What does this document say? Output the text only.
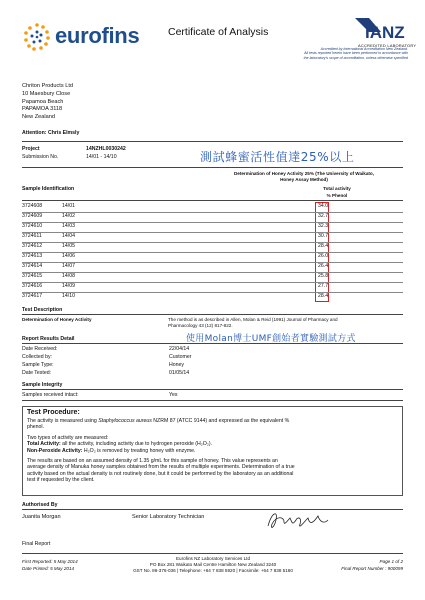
eurofins	Certificate of Analysis	IANZ
ACCREDITED LABORATORY
Accredited by International Accreditation New Zealand.
All tests reported herein have been performed in accordance with
the laboratory's scope of accreditation, unless otherwise specified
Chriton Products Ltd
10 Maesbury Close
Papamoa Beach
PAPAMOA 3118
New Zealand
Attention: Chris Elmsly
Project	14NZHL0030242
Submission No.	14/01 - 14/10	測試蜂蜜活性值達25%以上
Determination of Honey Activity 25% (The University of Waikato, Honey Assay Method)
Sample Identification	Total activity
% Phenol
3724608	14/01	34.0
3724609	14/02	32.7
3724610	14/03	32.3
3724611	14/04	30.7
3724612	14/05	28.4
3724613	14/06	26.0
3724614	14/07	26.4
3724615	14/08	25.8
3724616	14/09	27.7
3724617	14/10	28.4
Test Description
Determination of Honey Activity	The method is as described in Allen, Molan & Reid (1991) Journal of Pharmacy and
Pharmacology 43 (12) 817-822.
使用Molan博士UMF創始者實驗測試方式
Report Results Detail
Date Received:	22/04/14
Collected by:	Customer
Sample Type:	Honey
Date Tested:	01/05/14
Sample Integrity
Samples received intact:	Yes
Test Procedure:
The activity is measured using Staphylococcus aureus NZRM 87 (ATCC 9144) and expressed as the equivalent %
phenol.
Two types of activity are measured:
Total Activity: all the activity, including activity due to hydrogen peroxide (H₂O₂).
Non-Peroxide Activity: H₂O₂ is removed by treating honey with enzyme.
The results are based on an assumed density of 1.35 g/mL for this sample of honey. This value represents an
average density of Manuka honey samples obtained from the results of multiple experiments. Determination of a true
activity based on the actual density is not routinely done, but it could be performed by the laboratory as an additional
test if requested by the client.
Authorised By
Juanita Morgan	Senior Laboratory Technician
Final Report
First Reported: 5 May 2014
Date Printed: 5 May 2014
Eurofins NZ Laboratory Services Ltd
PO Box 281 Waikato Mail Centre Hamilton New Zealand 3240
GST No. 86-376-036 | Telephone: +64 7 838 5920 | Facsimile: +64 7 838 5160
Page 1 of 2
Final Report Number : 900099
